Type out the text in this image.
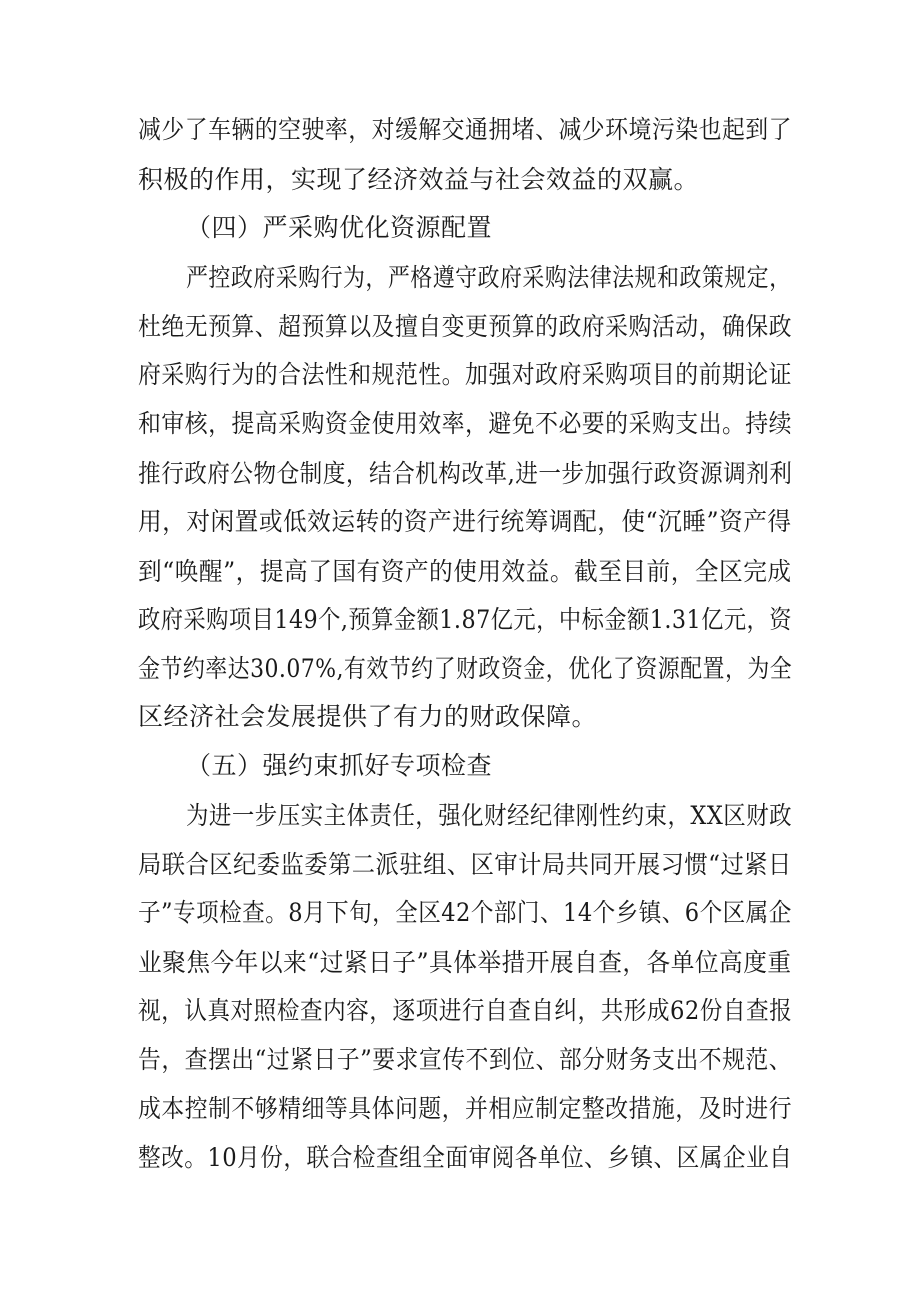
减少了车辆的空驶率，对缓解交通拥堵、减少环境污染也起到了
积极的作用，实现了经济效益与社会效益的双赢。
（四）严采购优化资源配置
严控政府采购行为，严格遵守政府采购法律法规和政策规定，
杜绝无预算、超预算以及擅自变更预算的政府采购活动，确保政
府采购行为的合法性和规范性。加强对政府采购项目的前期论证
和审核，提高采购资金使用效率，避免不必要的采购支出。持续
推行政府公物仓制度，结合机构改革,进一步加强行政资源调剂利
用，对闲置或低效运转的资产进行统筹调配，使“沉睡”资产得
到“唤醒”，提高了国有资产的使用效益。截至目前，全区完成
政府采购项目149个,预算金额1.87亿元，中标金额1.31亿元，资
金节约率达30.07%,有效节约了财政资金，优化了资源配置，为全
区经济社会发展提供了有力的财政保障。
（五）强约束抓好专项检查
为进一步压实主体责任，强化财经纪律刚性约束，XX区财政
局联合区纪委监委第二派驻组、区审计局共同开展习惯“过紧日
子”专项检查。8月下旬，全区42个部门、14个乡镇、6个区属企
业聚焦今年以来“过紧日子”具体举措开展自查，各单位高度重
视，认真对照检查内容，逐项进行自查自纠，共形成62份自查报
告，查摆出“过紧日子”要求宣传不到位、部分财务支出不规范、
成本控制不够精细等具体问题，并相应制定整改措施，及时进行
整改。10月份，联合检查组全面审阅各单位、乡镇、区属企业自
